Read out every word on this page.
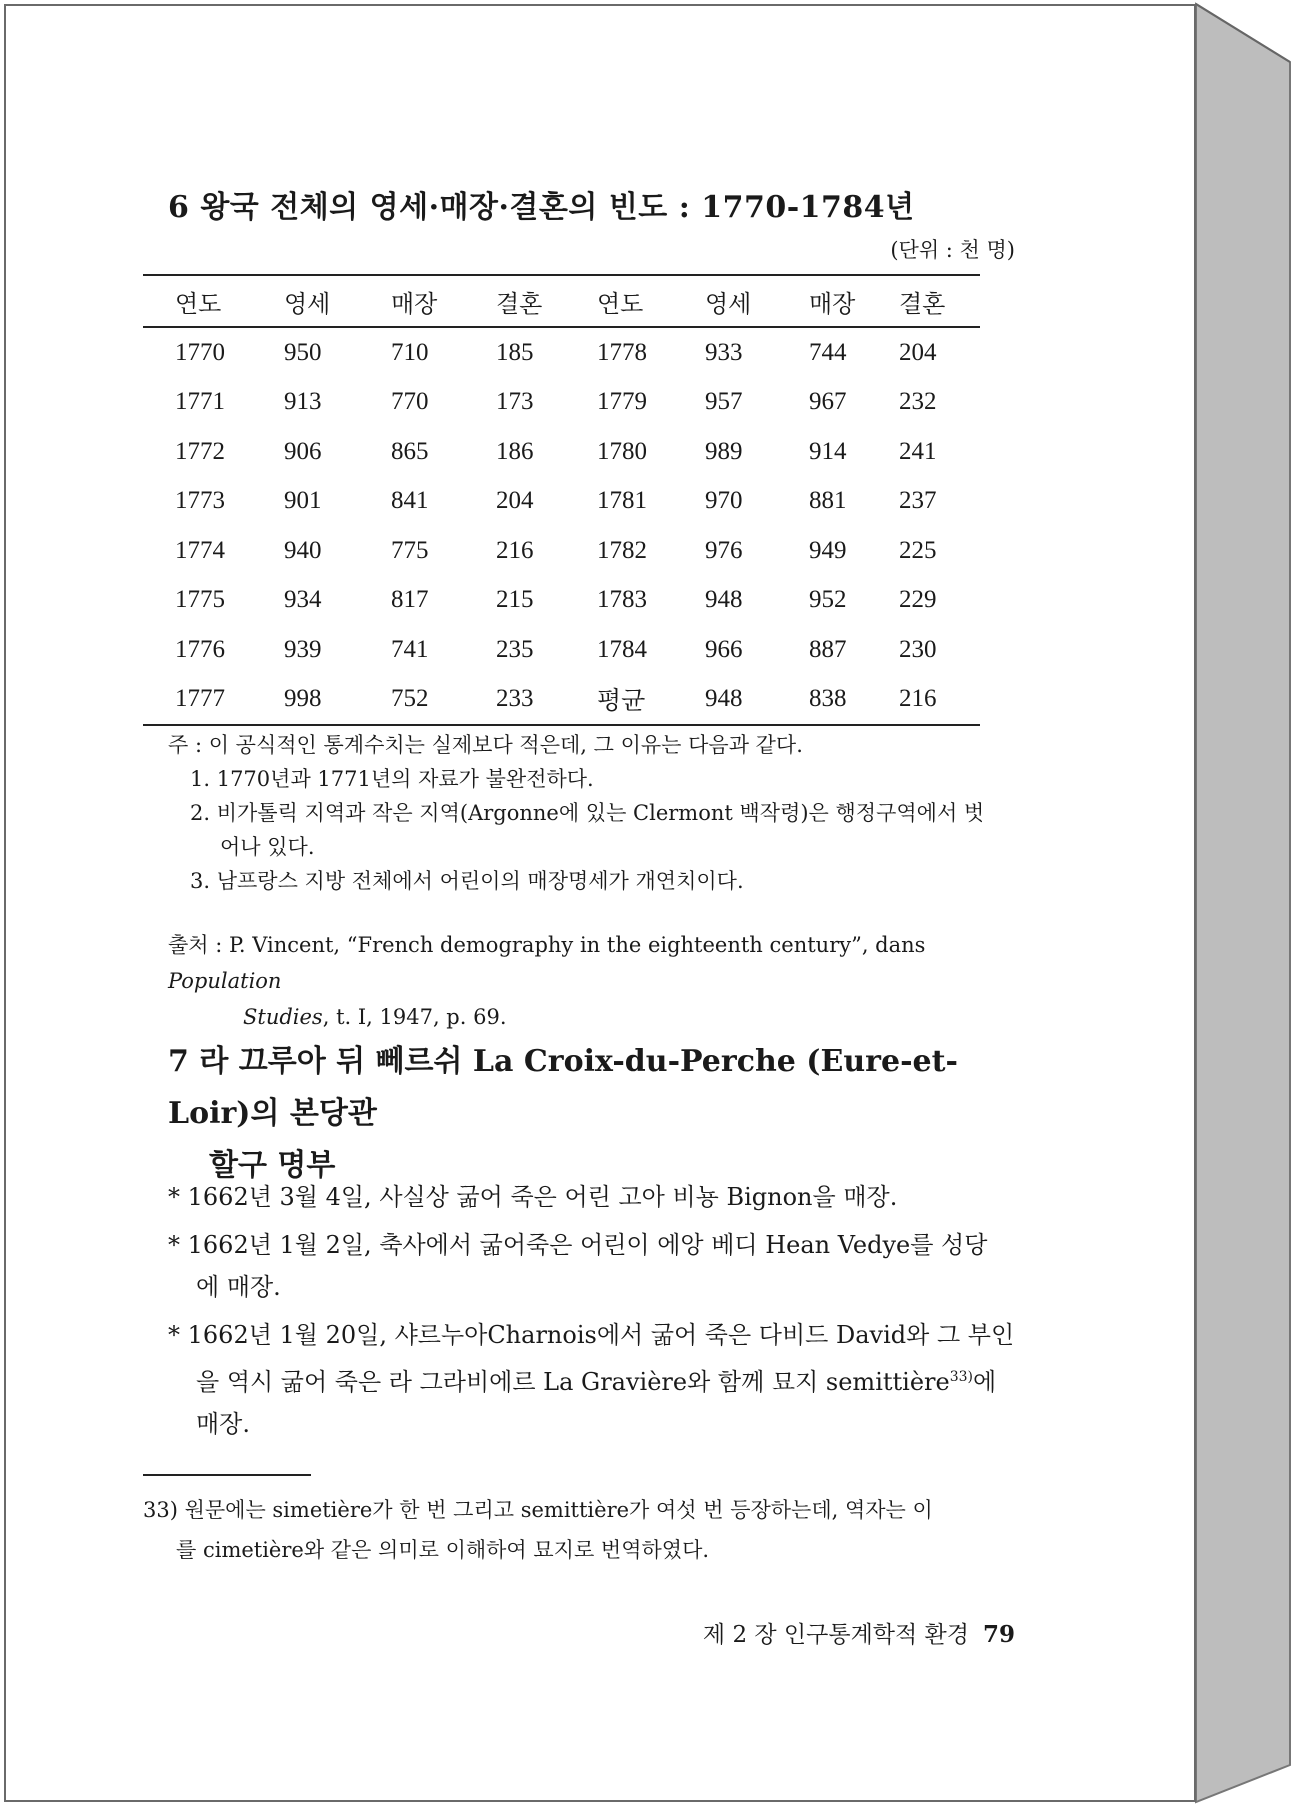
6 왕국 전체의 영세·매장·결혼의 빈도 : 1770-1784년
(단위 : 천 명)
연도	영세	매장	결혼	연도	영세	매장	결혼
1770	950	710	185	1778	933	744	204
1771	913	770	173	1779	957	967	232
1772	906	865	186	1780	989	914	241
1773	901	841	204	1781	970	881	237
1774	940	775	216	1782	976	949	225
1775	934	817	215	1783	948	952	229
1776	939	741	235	1784	966	887	230
1777	998	752	233	평균	948	838	216
주 : 이 공식적인 통계수치는 실제보다 적은데, 그 이유는 다음과 같다.
1. 1770년과 1771년의 자료가 불완전하다.
2. 비가톨릭 지역과 작은 지역(Argonne에 있는 Clermont 백작령)은 행정구역에서 벗
어나 있다.
3. 남프랑스 지방 전체에서 어린이의 매장명세가 개연치이다.
출처 : P. Vincent, “French demography in the eighteenth century”, dans Population
Studies, t. I, 1947, p. 69.
7 라 끄루아 뒤 뻬르쉬 La Croix-du-Perche (Eure-et-Loir)의 본당관
할구 명부
* 1662년 3월 4일, 사실상 굶어 죽은 어린 고아 비뇽 Bignon을 매장.
* 1662년 1월 2일, 축사에서 굶어죽은 어린이 에앙 베디 Hean Vedye를 성당
에 매장.
* 1662년 1월 20일, 샤르누아Charnois에서 굶어 죽은 다비드 David와 그 부인
을 역시 굶어 죽은 라 그라비에르 La Gravière와 함께 묘지 semittière$^{33)}$에
매장.
33) 원문에는 simetière가 한 번 그리고 semittière가 여섯 번 등장하는데, 역자는 이
를 cimetière와 같은 의미로 이해하여 묘지로 번역하였다.
제 2 장 인구통계학적 환경 79
